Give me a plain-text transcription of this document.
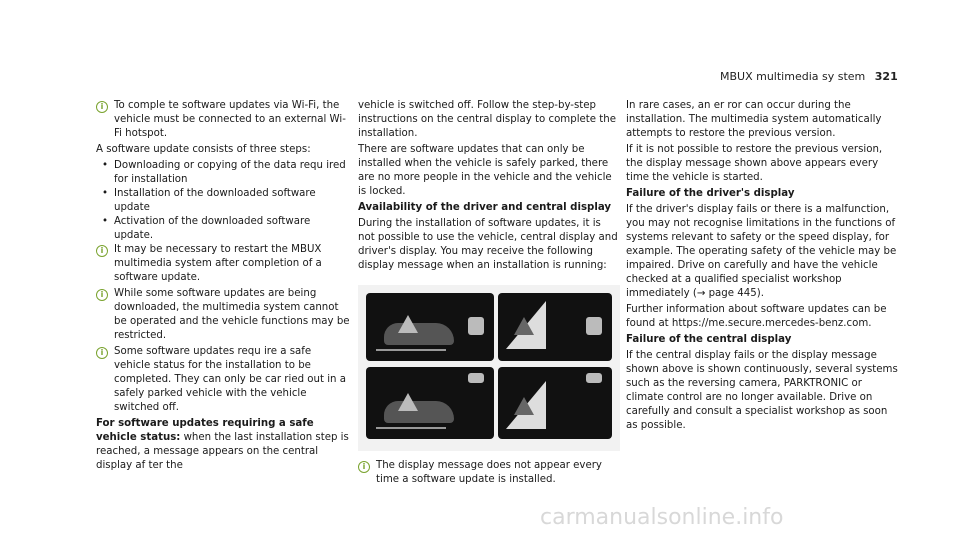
MBUX multimedia sy stem 321

i	To comple te software updates via Wi-Fi, the vehicle must be connected to an external Wi-Fi hotspot.

A software update consists of three steps:

• Downloading or copying of the data requ ired for installation
• Installation of the downloaded software update
• Activation of the downloaded software update.

i	It may be necessary to restart the MBUX multimedia system after completion of a software update.

i	While some software updates are being downloaded, the multimedia system cannot be operated and the vehicle functions may be restricted.

i	Some software updates requ ire a safe vehicle status for the installation to be completed. They can only be car ried out in a safely parked vehicle with the vehicle switched off.

For software updates requiring a safe vehicle status: when the last installation step is reached, a message appears on the central display af ter the

vehicle is switched off. Follow the step-by-step instructions on the central display to complete the installation.

There are software updates that can only be installed when the vehicle is safely parked, there are no more people in the vehicle and the vehicle is locked.

Availability of the driver and central display

During the installation of software updates, it is not possible to use the vehicle, central display and driver's display. You may receive the following display message when an installation is running:

i	The display message does not appear every time a software update is installed.

In rare cases, an er ror can occur during the installation. The multimedia system automatically attempts to restore the previous version.

If it is not possible to restore the previous version, the display message shown above appears every time the vehicle is started.

Failure of the driver's display

If the driver's display fails or there is a malfunction, you may not recognise limitations in the functions of systems relevant to safety or the speed display, for example. The operating safety of the vehicle may be impaired. Drive on carefully and have the vehicle checked at a qualified specialist workshop immediately (→ page 445).

Further information about software updates can be found at https://me.secure.mercedes-benz.com.

Failure of the central display

If the central display fails or the display message shown above is shown continuously, several systems such as the reversing camera, PARKTRONIC or climate control are no longer available. Drive on carefully and consult a specialist workshop as soon as possible.

carmanualsonline.info
